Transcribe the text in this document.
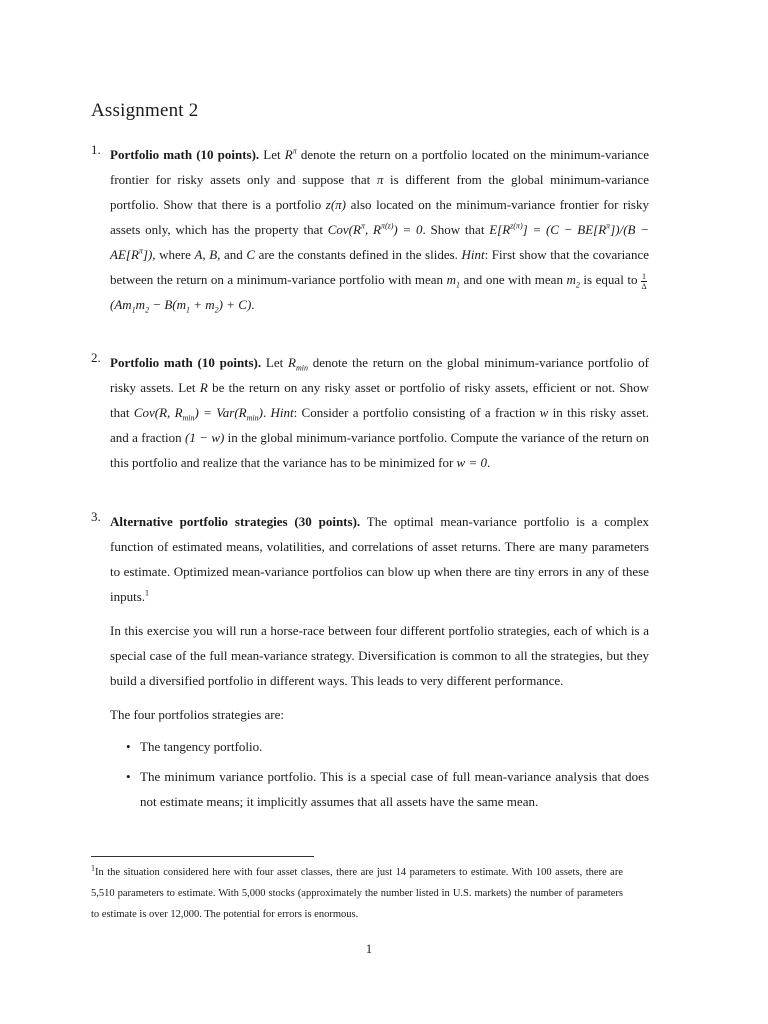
Assignment 2
1. Portfolio math (10 points). Let $R^\pi$ denote the return on a portfolio located on the minimum-variance frontier for risky assets only and suppose that π is different from the global minimum-variance portfolio. Show that there is a portfolio z(π) also located on the minimum-variance frontier for risky assets only, which has the property that $Cov(R^\pi$, $R^{\pi(z)}) = 0$. Show that $E[R^{z(\pi)}] = (C - BE[R^\pi])/(B - AE[R^\pi])$, where A, B, and C are the constants defined in the slides. Hint: First show that the covariance between the return on a minimum-variance portfolio with mean $m_1$ and one with mean $m_2$ is equal to $\frac{1}{\Delta}$
$(Am_1m_2 - B(m_1 + m_2) + C)$.

2. Portfolio math (10 points). Let $R_{min}$ denote the return on the global minimum-variance portfolio of risky assets. Let R be the return on any risky asset or portfolio of risky assets, efficient or not. Show that Cov(R, $R_{min}) = Var(R_{min})$. Hint: Consider a portfolio consisting of a fraction w in this risky asset. and a fraction (1 − w) in the global minimum-variance portfolio. Compute the variance of the return on this portfolio and realize that the variance has to be minimized for w = 0.

3. Alternative portfolio strategies (30 points). The optimal mean-variance portfolio is a complex function of estimated means, volatilities, and correlations of asset returns. There are many parameters to estimate. Optimized mean-variance portfolios can blow up when there are tiny errors in any of these inputs.$^1$

In this exercise you will run a horse-race between four different portfolio strategies, each of which is a special case of the full mean-variance strategy. Diversification is common to all the strategies, but they build a diversified portfolio in different ways. This leads to very different performance.

The four portfolios strategies are:

• The tangency portfolio.
• The minimum variance portfolio. This is a special case of full mean-variance analysis that does not estimate means; it implicitly assumes that all assets have the same mean.
$^1$In the situation considered here with four asset classes, there are just 14 parameters to estimate. With 100 assets, there are 5,510 parameters to estimate. With 5,000 stocks (approximately the number listed in U.S. markets) the number of parameters to estimate is over 12,000. The potential for errors is enormous.
1
